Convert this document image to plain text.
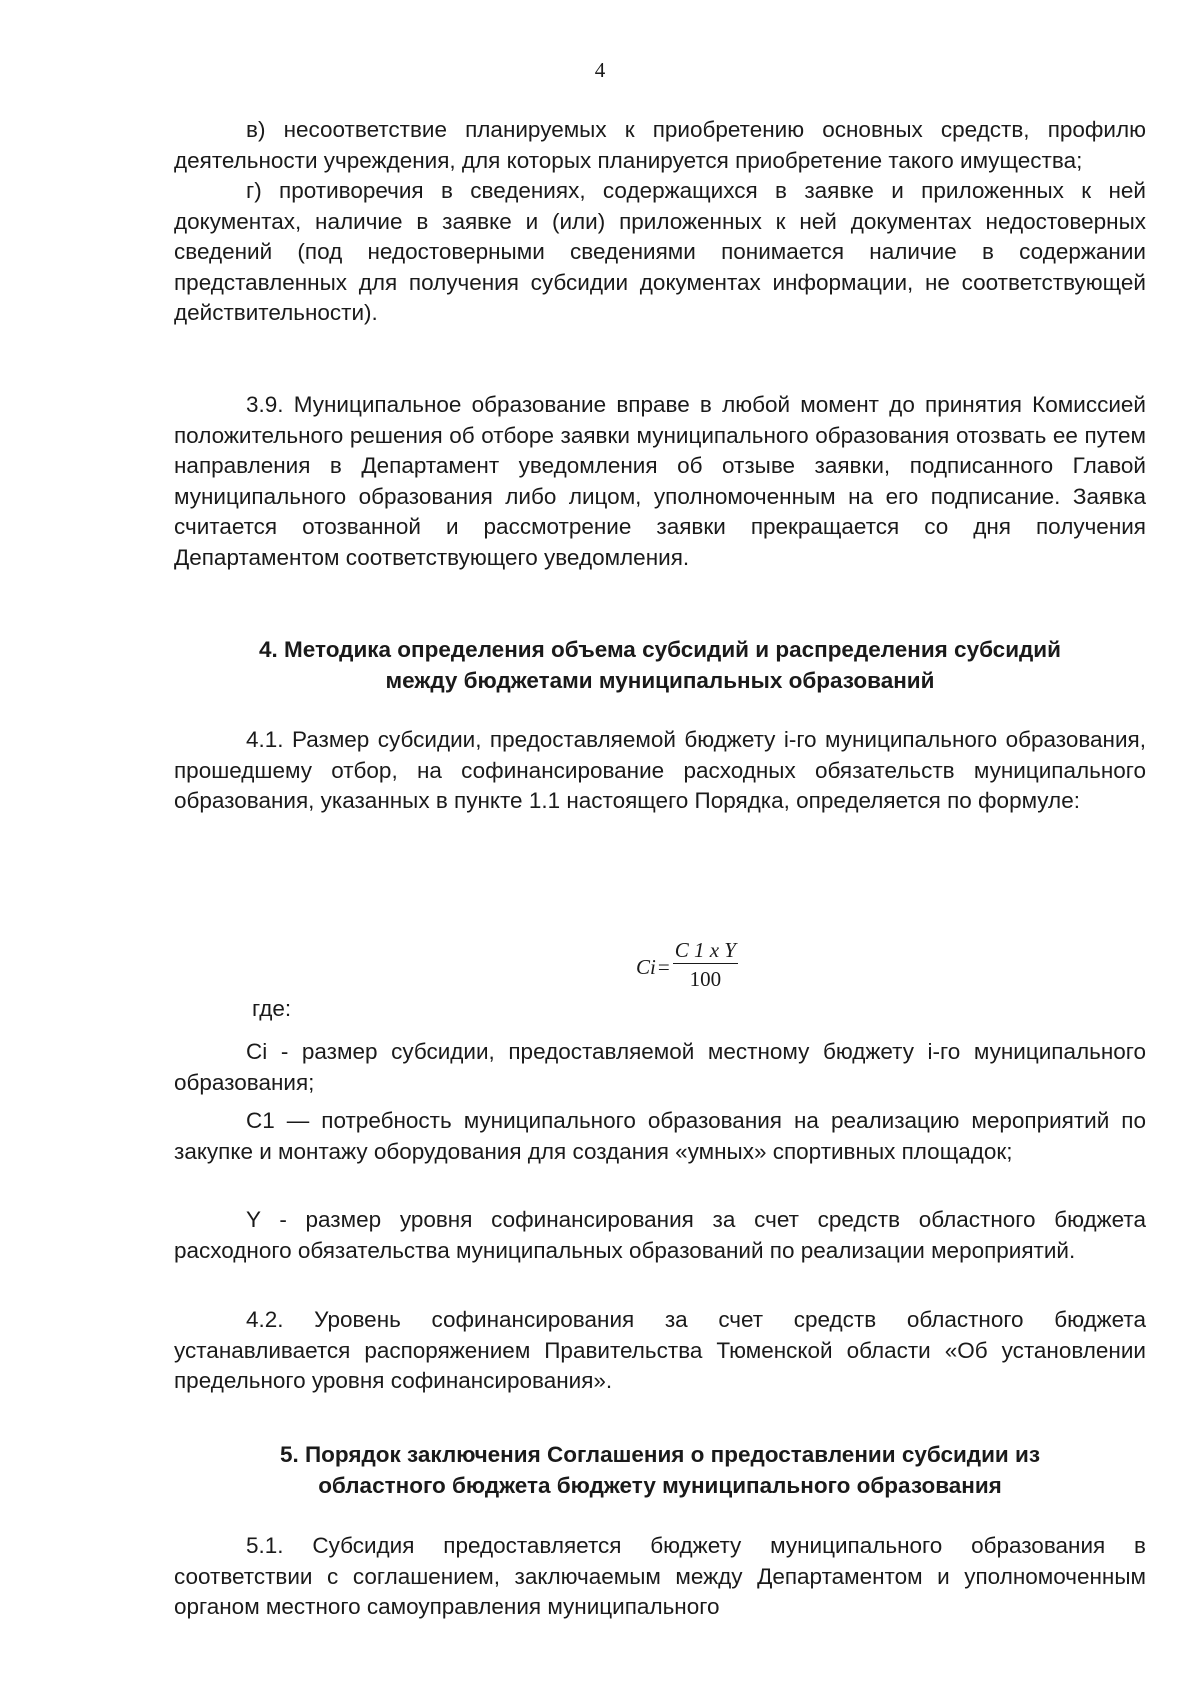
4

в) несоответствие планируемых к приобретению основных средств, профилю деятельности учреждения, для которых планируется приобретение такого имущества;

г) противоречия в сведениях, содержащихся в заявке и приложенных к ней документах, наличие в заявке и (или) приложенных к ней документах недостоверных сведений (под недостоверными сведениями понимается наличие в содержании представленных для получения субсидии документах информации, не соответствующей действительности).

3.9. Муниципальное образование вправе в любой момент до принятия Комиссией положительного решения об отборе заявки муниципального образования отозвать ее путем направления в Департамент уведомления об отзыве заявки, подписанного Главой муниципального образования либо лицом, уполномоченным на его подписание. Заявка считается отозванной и рассмотрение заявки прекращается со дня получения Департаментом соответствующего уведомления.

4. Методика определения объема субсидий и распределения субсидий
между бюджетами муниципальных образований

4.1. Размер субсидии, предоставляемой бюджету i-го муниципального образования, прошедшему отбор, на софинансирование расходных обязательств муниципального образования, указанных в пункте 1.1 настоящего Порядка, определяется по формуле:

$Ci = \frac{\text{C 1 x Y}}{100}$
где:

Ci - размер субсидии, предоставляемой местному бюджету i-го муниципального образования;

C1 — потребность муниципального образования на реализацию мероприятий по закупке и монтажу оборудования для создания «умных» спортивных площадок;

Y - размер уровня софинансирования за счет средств областного бюджета расходного обязательства муниципальных образований по реализации мероприятий.

4.2. Уровень софинансирования за счет средств областного бюджета устанавливается распоряжением Правительства Тюменской области «Об установлении предельного уровня софинансирования».

5. Порядок заключения Соглашения о предоставлении субсидии из
областного бюджета бюджету муниципального образования

5.1. Субсидия предоставляется бюджету муниципального образования в соответствии с соглашением, заключаемым между Департаментом и уполномоченным органом местного самоуправления муниципального
